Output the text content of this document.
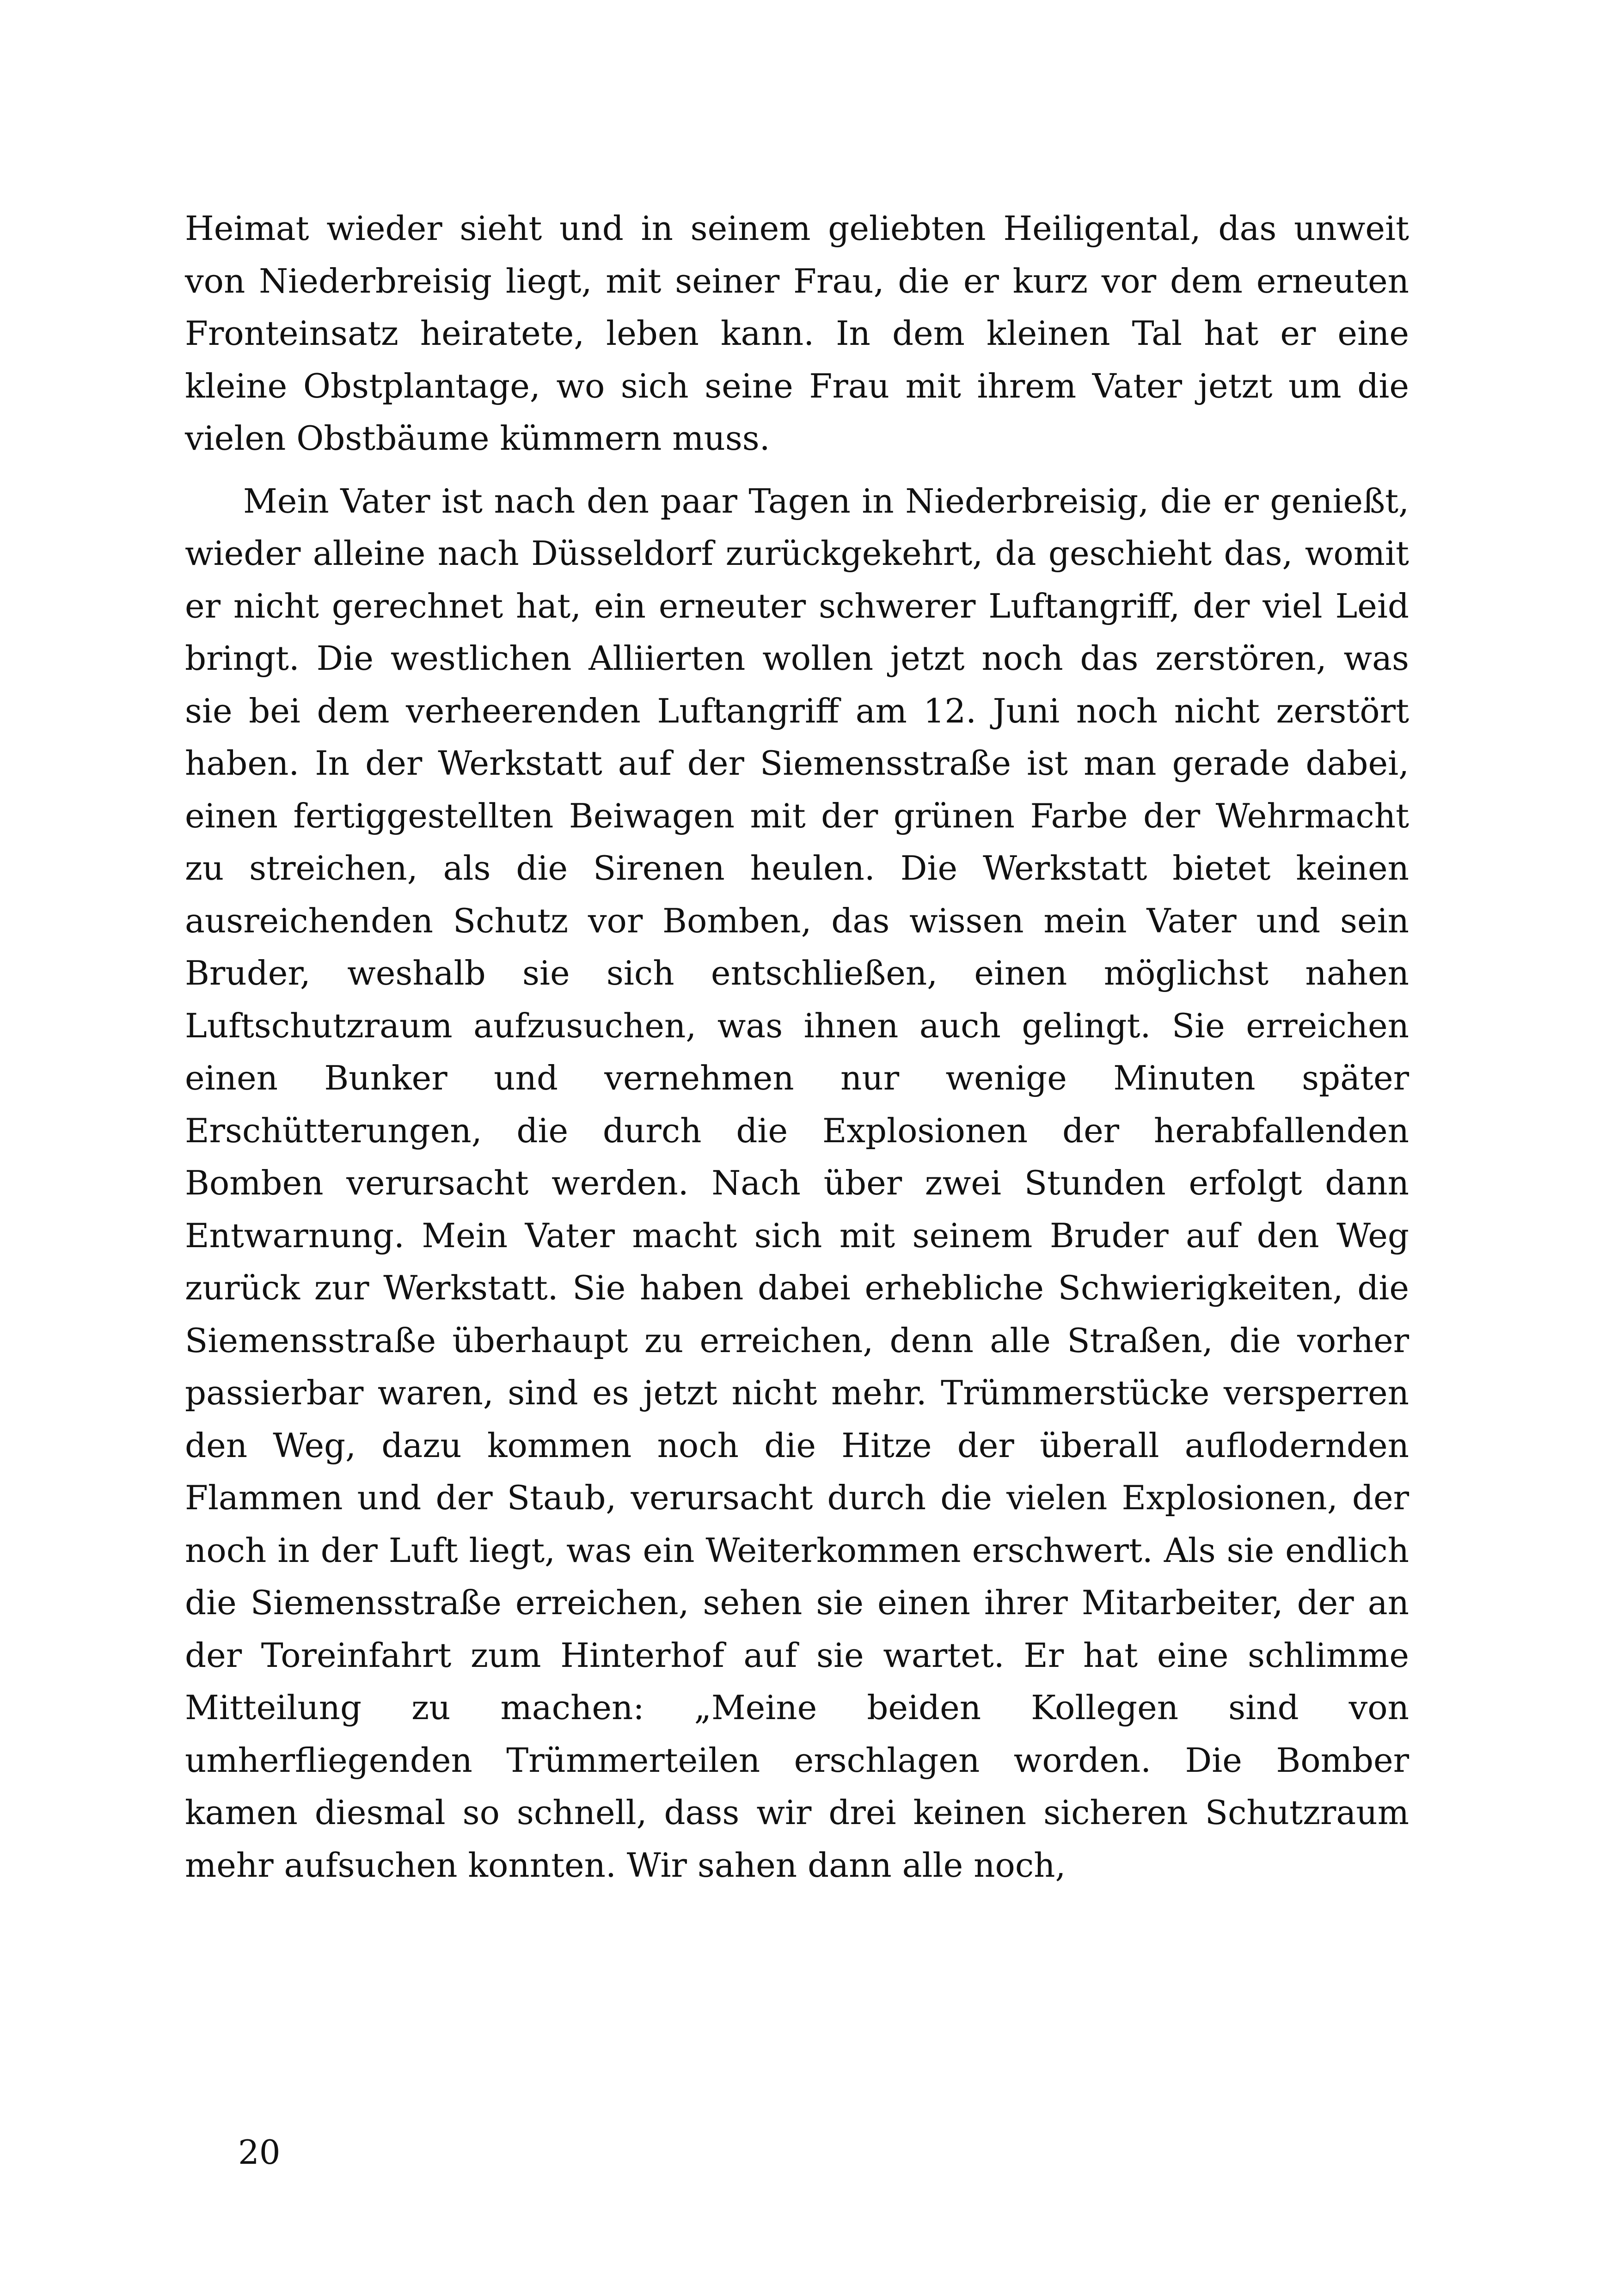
Heimat wieder sieht und in seinem geliebten Heiligental, das unweit von Niederbreisig liegt, mit seiner Frau, die er kurz vor dem erneuten Fronteinsatz heiratete, leben kann. In dem kleinen Tal hat er eine kleine Obstplantage, wo sich seine Frau mit ihrem Vater jetzt um die vielen Obstbäume kümmern muss.

Mein Vater ist nach den paar Tagen in Niederbreisig, die er genießt, wieder alleine nach Düsseldorf zurückgekehrt, da geschieht das, womit er nicht gerechnet hat, ein erneuter schwerer Luftangriff, der viel Leid bringt. Die westlichen Alliierten wollen jetzt noch das zerstören, was sie bei dem verheerenden Luftangriff am 12. Juni noch nicht zerstört haben. In der Werkstatt auf der Siemensstraße ist man gerade dabei, einen fertiggestellten Beiwagen mit der grünen Farbe der Wehrmacht zu streichen, als die Sirenen heulen. Die Werkstatt bietet keinen ausreichenden Schutz vor Bomben, das wissen mein Vater und sein Bruder, weshalb sie sich entschließen, einen möglichst nahen Luftschutzraum aufzusuchen, was ihnen auch gelingt. Sie erreichen einen Bunker und vernehmen nur wenige Minuten später Erschütterungen, die durch die Explosionen der herabfallenden Bomben verursacht werden. Nach über zwei Stunden erfolgt dann Entwarnung. Mein Vater macht sich mit seinem Bruder auf den Weg zurück zur Werkstatt. Sie haben dabei erhebliche Schwierigkeiten, die Siemensstraße überhaupt zu erreichen, denn alle Straßen, die vorher passierbar waren, sind es jetzt nicht mehr. Trümmerstücke versperren den Weg, dazu kommen noch die Hitze der überall auflodernden Flammen und der Staub, verursacht durch die vielen Explosionen, der noch in der Luft liegt, was ein Weiterkommen erschwert. Als sie endlich die Siemensstraße erreichen, sehen sie einen ihrer Mitarbeiter, der an der Toreinfahrt zum Hinterhof auf sie wartet. Er hat eine schlimme Mitteilung zu machen: „Meine beiden Kollegen sind von umherfliegenden Trümmerteilen erschlagen worden. Die Bomber kamen diesmal so schnell, dass wir drei keinen sicheren Schutzraum mehr aufsuchen konnten. Wir sahen dann alle noch,

20
